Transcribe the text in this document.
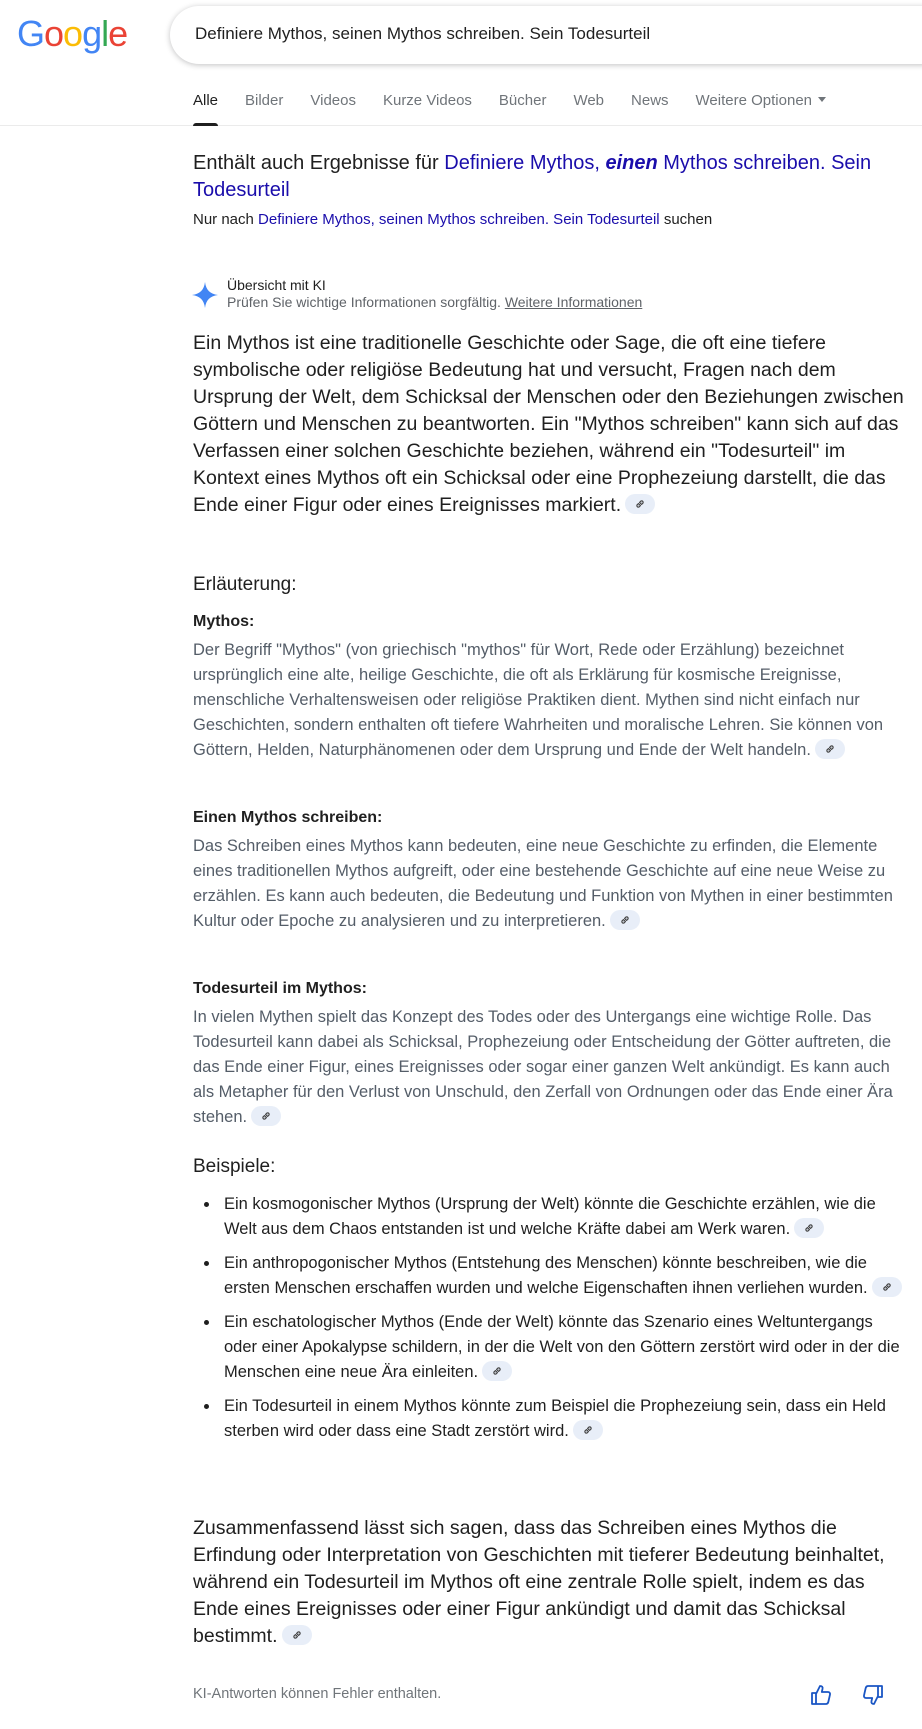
Google
Definiere Mythos, seinen Mythos schreiben. Sein Todesurteil
Alle Bilder Videos Kurze Videos Bücher Web News Weitere Optionen
Enthält auch Ergebnisse für Definiere Mythos, einen Mythos schreiben. Sein Todesurteil
Nur nach Definiere Mythos, seinen Mythos schreiben. Sein Todesurteil suchen
Übersicht mit KI
Prüfen Sie wichtige Informationen sorgfältig. Weitere Informationen
Ein Mythos ist eine traditionelle Geschichte oder Sage, die oft eine tiefere symbolische oder religiöse Bedeutung hat und versucht, Fragen nach dem Ursprung der Welt, dem Schicksal der Menschen oder den Beziehungen zwischen Göttern und Menschen zu beantworten. Ein "Mythos schreiben" kann sich auf das Verfassen einer solchen Geschichte beziehen, während ein "Todesurteil" im Kontext eines Mythos oft ein Schicksal oder eine Prophezeiung darstellt, die das Ende einer Figur oder eines Ereignisses markiert.
Erläuterung:
Mythos:
Der Begriff "Mythos" (von griechisch "mythos" für Wort, Rede oder Erzählung) bezeichnet ursprünglich eine alte, heilige Geschichte, die oft als Erklärung für kosmische Ereignisse, menschliche Verhaltensweisen oder religiöse Praktiken dient. Mythen sind nicht einfach nur Geschichten, sondern enthalten oft tiefere Wahrheiten und moralische Lehren. Sie können von Göttern, Helden, Naturphänomenen oder dem Ursprung und Ende der Welt handeln.
Einen Mythos schreiben:
Das Schreiben eines Mythos kann bedeuten, eine neue Geschichte zu erfinden, die Elemente eines traditionellen Mythos aufgreift, oder eine bestehende Geschichte auf eine neue Weise zu erzählen. Es kann auch bedeuten, die Bedeutung und Funktion von Mythen in einer bestimmten Kultur oder Epoche zu analysieren und zu interpretieren.
Todesurteil im Mythos:
In vielen Mythen spielt das Konzept des Todes oder des Untergangs eine wichtige Rolle. Das Todesurteil kann dabei als Schicksal, Prophezeiung oder Entscheidung der Götter auftreten, die das Ende einer Figur, eines Ereignisses oder sogar einer ganzen Welt ankündigt. Es kann auch als Metapher für den Verlust von Unschuld, den Zerfall von Ordnungen oder das Ende einer Ära stehen.
Beispiele:
Ein kosmogonischer Mythos (Ursprung der Welt) könnte die Geschichte erzählen, wie die Welt aus dem Chaos entstanden ist und welche Kräfte dabei am Werk waren.
Ein anthropogonischer Mythos (Entstehung des Menschen) könnte beschreiben, wie die ersten Menschen erschaffen wurden und welche Eigenschaften ihnen verliehen wurden.
Ein eschatologischer Mythos (Ende der Welt) könnte das Szenario eines Weltuntergangs oder einer Apokalypse schildern, in der die Welt von den Göttern zerstört wird oder in der die Menschen eine neue Ära einleiten.
Ein Todesurteil in einem Mythos könnte zum Beispiel die Prophezeiung sein, dass ein Held sterben wird oder dass eine Stadt zerstört wird.
Zusammenfassend lässt sich sagen, dass das Schreiben eines Mythos die Erfindung oder Interpretation von Geschichten mit tieferer Bedeutung beinhaltet, während ein Todesurteil im Mythos oft eine zentrale Rolle spielt, indem es das Ende eines Ereignisses oder einer Figur ankündigt und damit das Schicksal bestimmt.
KI-Antworten können Fehler enthalten.
